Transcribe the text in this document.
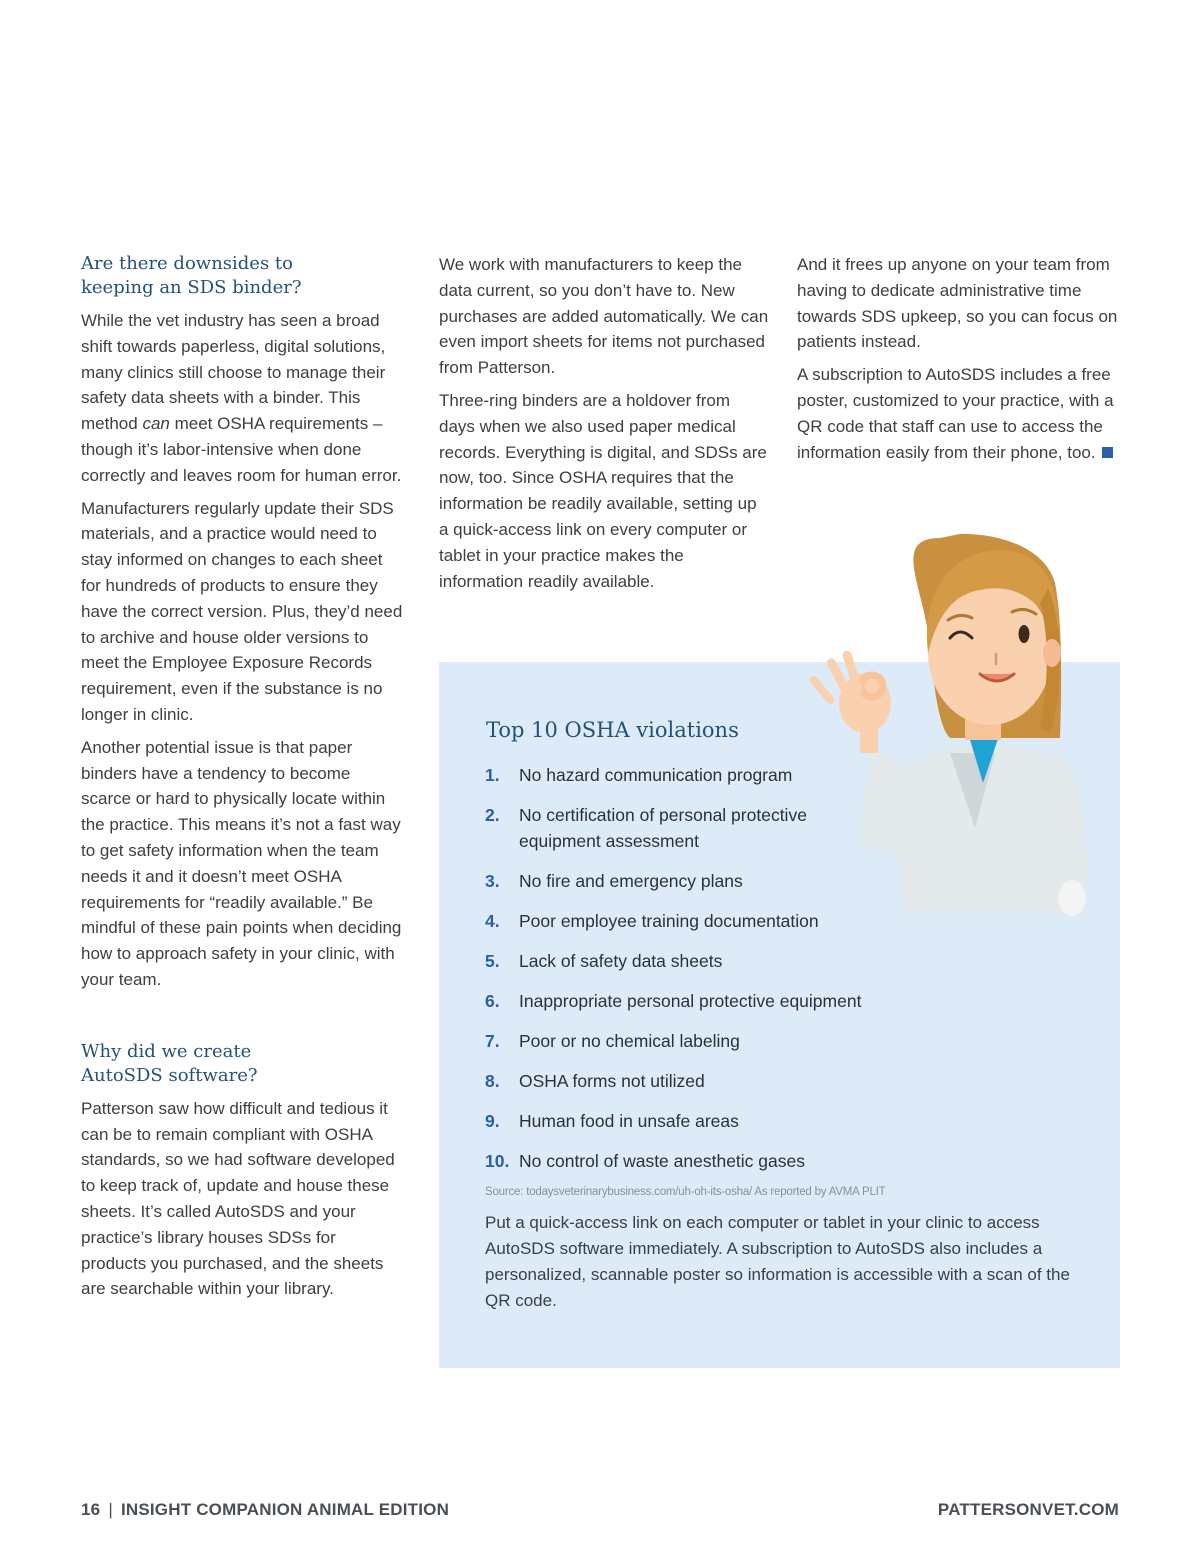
Are there downsides to
keeping an SDS binder?

While the vet industry has seen a broad shift towards paperless, digital solutions, many clinics still choose to manage their safety data sheets with a binder. This method can meet OSHA requirements – though it’s labor-intensive when done correctly and leaves room for human error.

Manufacturers regularly update their SDS materials, and a practice would need to stay informed on changes to each sheet for hundreds of products to ensure they have the correct version. Plus, they’d need to archive and house older versions to meet the Employee Exposure Records requirement, even if the substance is no longer in clinic.

Another potential issue is that paper binders have a tendency to become scarce or hard to physically locate within the practice. This means it’s not a fast way to get safety information when the team needs it and it doesn’t meet OSHA requirements for “readily available.” Be mindful of these pain points when deciding how to approach safety in your clinic, with your team.

Why did we create
AutoSDS software?

Patterson saw how difficult and tedious it can be to remain compliant with OSHA standards, so we had software developed to keep track of, update and house these sheets. It’s called AutoSDS and your practice’s library houses SDSs for products you purchased, and the sheets are searchable within your library.

We work with manufacturers to keep the data current, so you don’t have to. New purchases are added automatically. We can even import sheets for items not purchased from Patterson.

Three-ring binders are a holdover from days when we also used paper medical records. Everything is digital, and SDSs are now, too. Since OSHA requires that the information be readily available, setting up a quick-access link on every computer or tablet in your practice makes the information readily available.

And it frees up anyone on your team from having to dedicate administrative time towards SDS upkeep, so you can focus on patients instead.

A subscription to AutoSDS includes a free poster, customized to your practice, with a QR code that staff can use to access the information easily from their phone, too.

Top 10 OSHA violations
1. No hazard communication program
2. No certification of personal protective equipment assessment
3. No fire and emergency plans
4. Poor employee training documentation
5. Lack of safety data sheets
6. Inappropriate personal protective equipment
7. Poor or no chemical labeling
8. OSHA forms not utilized
9. Human food in unsafe areas
10. No control of waste anesthetic gases
Source: todaysveterinarybusiness.com/uh-oh-its-osha/ As reported by AVMA PLIT

Put a quick-access link on each computer or tablet in your clinic to access AutoSDS software immediately. A subscription to AutoSDS also includes a personalized, scannable poster so information is accessible with a scan of the QR code.

16 | INSIGHT COMPANION ANIMAL EDITION	PATTERSONVET.COM
